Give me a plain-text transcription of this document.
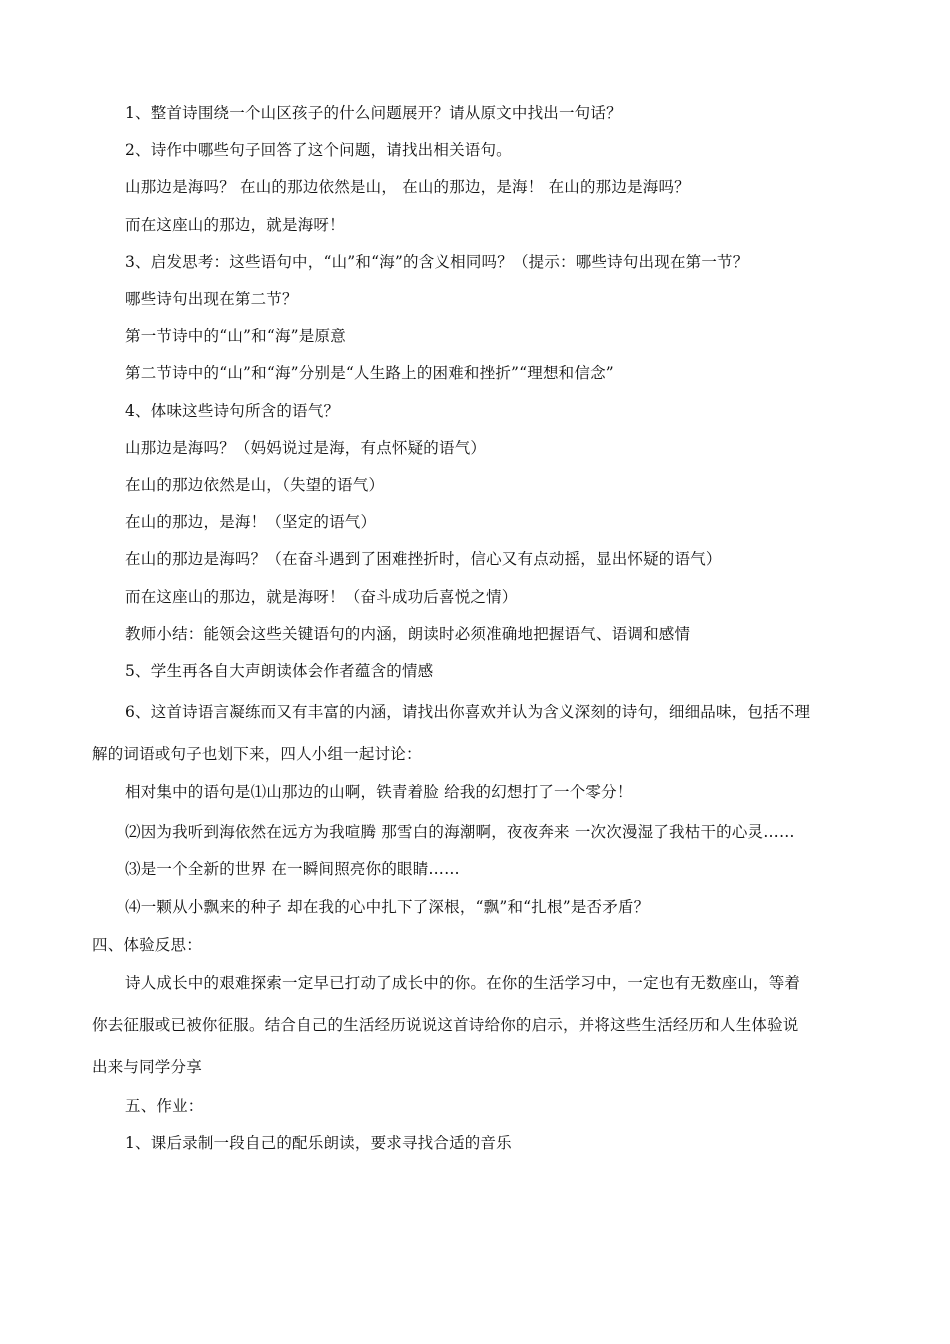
1、整首诗围绕一个山区孩子的什么问题展开？请从原文中找出一句话？
2、诗作中哪些句子回答了这个问题，请找出相关语句。
山那边是海吗？ 在山的那边依然是山， 在山的那边，是海！ 在山的那边是海吗？
而在这座山的那边，就是海呀！
3、启发思考：这些语句中，“山”和“海”的含义相同吗？（提示：哪些诗句出现在第一节？
哪些诗句出现在第二节？
第一节诗中的“山”和“海”是原意
第二节诗中的“山”和“海”分别是“人生路上的困难和挫折”“理想和信念”
4、体味这些诗句所含的语气？
山那边是海吗？（妈妈说过是海，有点怀疑的语气）
在山的那边依然是山，（失望的语气）
在山的那边，是海！（坚定的语气）
在山的那边是海吗？（在奋斗遇到了困难挫折时，信心又有点动摇，显出怀疑的语气）
而在这座山的那边，就是海呀！（奋斗成功后喜悦之情）
教师小结：能领会这些关键语句的内涵，朗读时必须准确地把握语气、语调和感情
5、学生再各自大声朗读体会作者蕴含的情感
6、这首诗语言凝练而又有丰富的内涵，请找出你喜欢并认为含义深刻的诗句，细细品味，包括不理
解的词语或句子也划下来，四人小组一起讨论：
相对集中的语句是⑴山那边的山啊，铁青着脸 给我的幻想打了一个零分！
⑵因为我听到海依然在远方为我喧腾 那雪白的海潮啊，夜夜奔来 一次次漫湿了我枯干的心灵……
⑶是一个全新的世界 在一瞬间照亮你的眼睛……
⑷一颗从小飘来的种子 却在我的心中扎下了深根，“飘”和“扎根”是否矛盾？
四、体验反思：
诗人成长中的艰难探索一定早已打动了成长中的你。在你的生活学习中，一定也有无数座山，等着
你去征服或已被你征服。结合自己的生活经历说说这首诗给你的启示，并将这些生活经历和人生体验说
出来与同学分享
五、作业：
1、课后录制一段自己的配乐朗读，要求寻找合适的音乐
